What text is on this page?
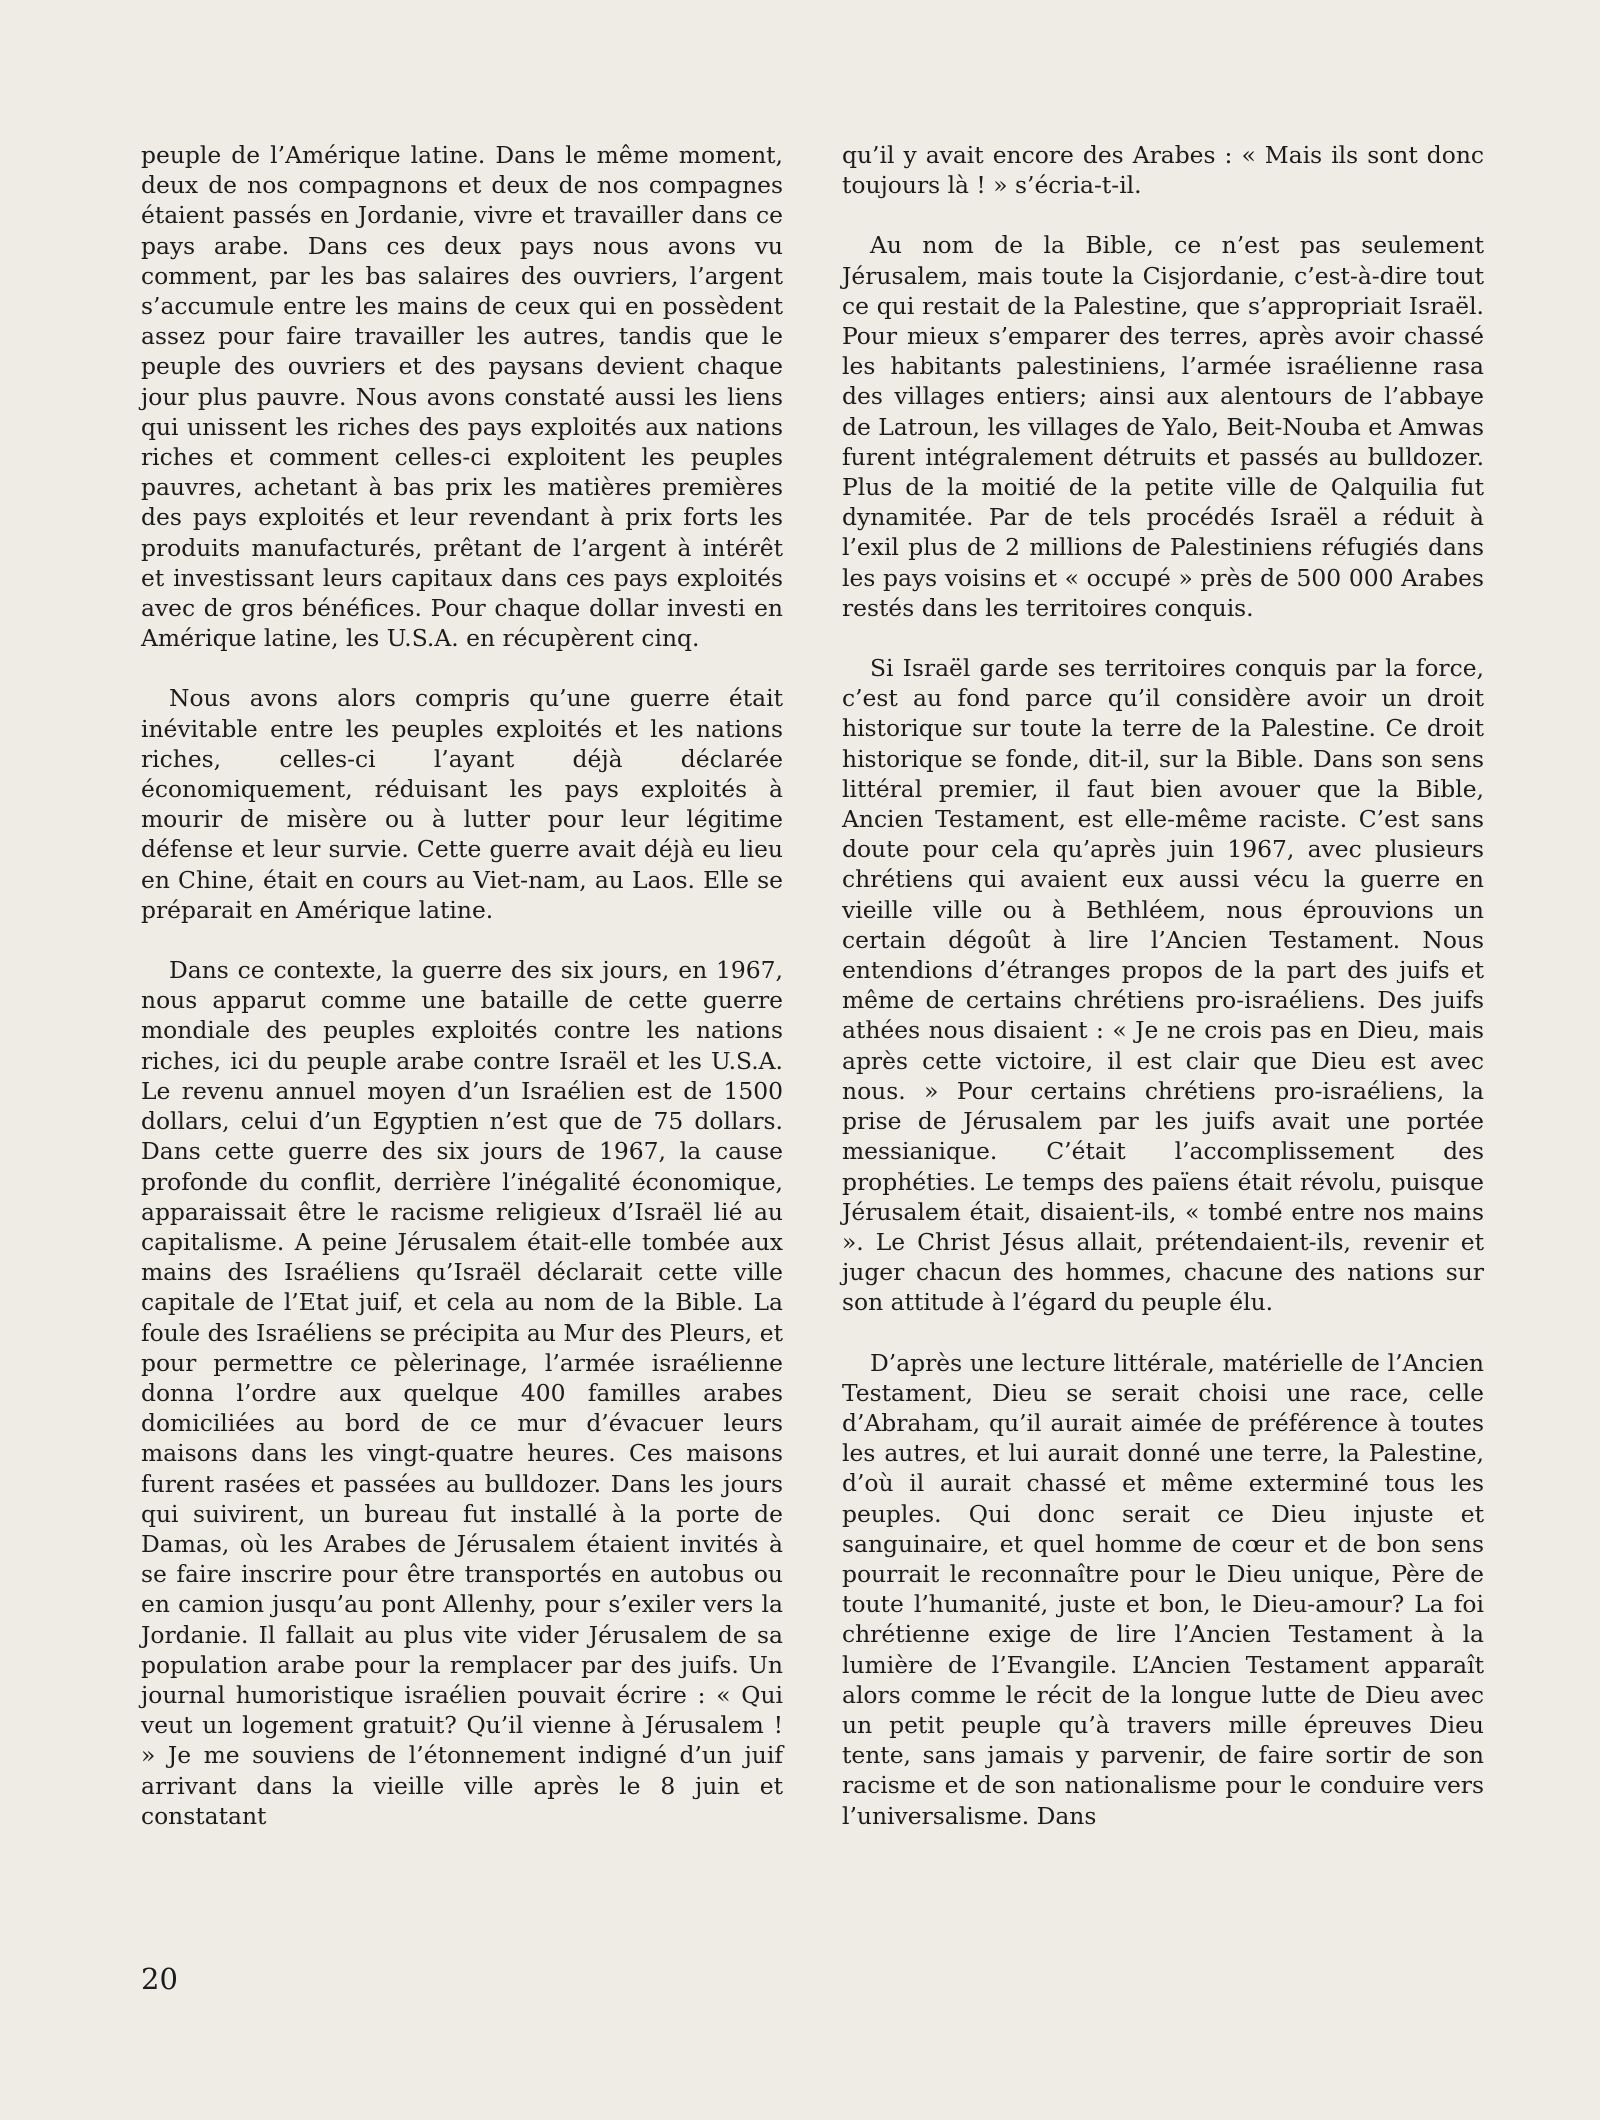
peuple de l’Amérique latine. Dans le même moment, deux de nos compagnons et deux de nos compagnes étaient passés en Jordanie, vivre et travailler dans ce pays arabe. Dans ces deux pays nous avons vu comment, par les bas salaires des ouvriers, l’argent s’accumule entre les mains de ceux qui en possèdent assez pour faire travailler les autres, tandis que le peuple des ouvriers et des paysans devient chaque jour plus pauvre. Nous avons constaté aussi les liens qui unissent les riches des pays exploités aux nations riches et comment celles-ci exploitent les peuples pauvres, achetant à bas prix les matières premières des pays exploités et leur revendant à prix forts les produits manufacturés, prêtant de l’argent à intérêt et investissant leurs capitaux dans ces pays exploités avec de gros bénéfices. Pour chaque dollar investi en Amérique latine, les U.S.A. en récupèrent cinq.

Nous avons alors compris qu’une guerre était inévitable entre les peuples exploités et les nations riches, celles-ci l’ayant déjà déclarée économiquement, réduisant les pays exploités à mourir de misère ou à lutter pour leur légitime défense et leur survie. Cette guerre avait déjà eu lieu en Chine, était en cours au Viet-nam, au Laos. Elle se préparait en Amérique latine.

Dans ce contexte, la guerre des six jours, en 1967, nous apparut comme une bataille de cette guerre mondiale des peuples exploités contre les nations riches, ici du peuple arabe contre Israël et les U.S.A. Le revenu annuel moyen d’un Israélien est de 1500 dollars, celui d’un Egyptien n’est que de 75 dollars. Dans cette guerre des six jours de 1967, la cause profonde du conflit, derrière l’inégalité économique, apparaissait être le racisme religieux d’Israël lié au capitalisme. A peine Jérusalem était-elle tombée aux mains des Israéliens qu’Israël déclarait cette ville capitale de l’Etat juif, et cela au nom de la Bible. La foule des Israéliens se précipita au Mur des Pleurs, et pour permettre ce pèlerinage, l’armée israélienne donna l’ordre aux quelque 400 familles arabes domiciliées au bord de ce mur d’évacuer leurs maisons dans les vingt-quatre heures. Ces maisons furent rasées et passées au bulldozer. Dans les jours qui suivirent, un bureau fut installé à la porte de Damas, où les Arabes de Jérusalem étaient invités à se faire inscrire pour être transportés en autobus ou en camion jusqu’au pont Allenhy, pour s’exiler vers la Jordanie. Il fallait au plus vite vider Jérusalem de sa population arabe pour la remplacer par des juifs. Un journal humoristique israélien pouvait écrire : « Qui veut un logement gratuit? Qu’il vienne à Jérusalem ! » Je me souviens de l’étonnement indigné d’un juif arrivant dans la vieille ville après le 8 juin et constatant

qu’il y avait encore des Arabes : « Mais ils sont donc toujours là ! » s’écria-t-il.

Au nom de la Bible, ce n’est pas seulement Jérusalem, mais toute la Cisjordanie, c’est-à-dire tout ce qui restait de la Palestine, que s’appropriait Israël. Pour mieux s’emparer des terres, après avoir chassé les habitants palestiniens, l’armée israélienne rasa des villages entiers; ainsi aux alentours de l’abbaye de Latroun, les villages de Yalo, Beit-Nouba et Amwas furent intégralement détruits et passés au bulldozer. Plus de la moitié de la petite ville de Qalquilia fut dynamitée. Par de tels procédés Israël a réduit à l’exil plus de 2 millions de Palestiniens réfugiés dans les pays voisins et « occupé » près de 500 000 Arabes restés dans les territoires conquis.

Si Israël garde ses territoires conquis par la force, c’est au fond parce qu’il considère avoir un droit historique sur toute la terre de la Palestine. Ce droit historique se fonde, dit-il, sur la Bible. Dans son sens littéral premier, il faut bien avouer que la Bible, Ancien Testament, est elle-même raciste. C’est sans doute pour cela qu’après juin 1967, avec plusieurs chrétiens qui avaient eux aussi vécu la guerre en vieille ville ou à Bethléem, nous éprouvions un certain dégoût à lire l’Ancien Testament. Nous entendions d’étranges propos de la part des juifs et même de certains chrétiens pro-israéliens. Des juifs athées nous disaient : « Je ne crois pas en Dieu, mais après cette victoire, il est clair que Dieu est avec nous. » Pour certains chrétiens pro-israéliens, la prise de Jérusalem par les juifs avait une portée messianique. C’était l’accomplissement des prophéties. Le temps des païens était révolu, puisque Jérusalem était, disaient-ils, « tombé entre nos mains ». Le Christ Jésus allait, prétendaient-ils, revenir et juger chacun des hommes, chacune des nations sur son attitude à l’égard du peuple élu.

D’après une lecture littérale, matérielle de l’Ancien Testament, Dieu se serait choisi une race, celle d’Abraham, qu’il aurait aimée de préférence à toutes les autres, et lui aurait donné une terre, la Palestine, d’où il aurait chassé et même exterminé tous les peuples. Qui donc serait ce Dieu injuste et sanguinaire, et quel homme de cœur et de bon sens pourrait le reconnaître pour le Dieu unique, Père de toute l’humanité, juste et bon, le Dieu-amour? La foi chrétienne exige de lire l’Ancien Testament à la lumière de l’Evangile. L’Ancien Testament apparaît alors comme le récit de la longue lutte de Dieu avec un petit peuple qu’à travers mille épreuves Dieu tente, sans jamais y parvenir, de faire sortir de son racisme et de son nationalisme pour le conduire vers l’universalisme. Dans

20
